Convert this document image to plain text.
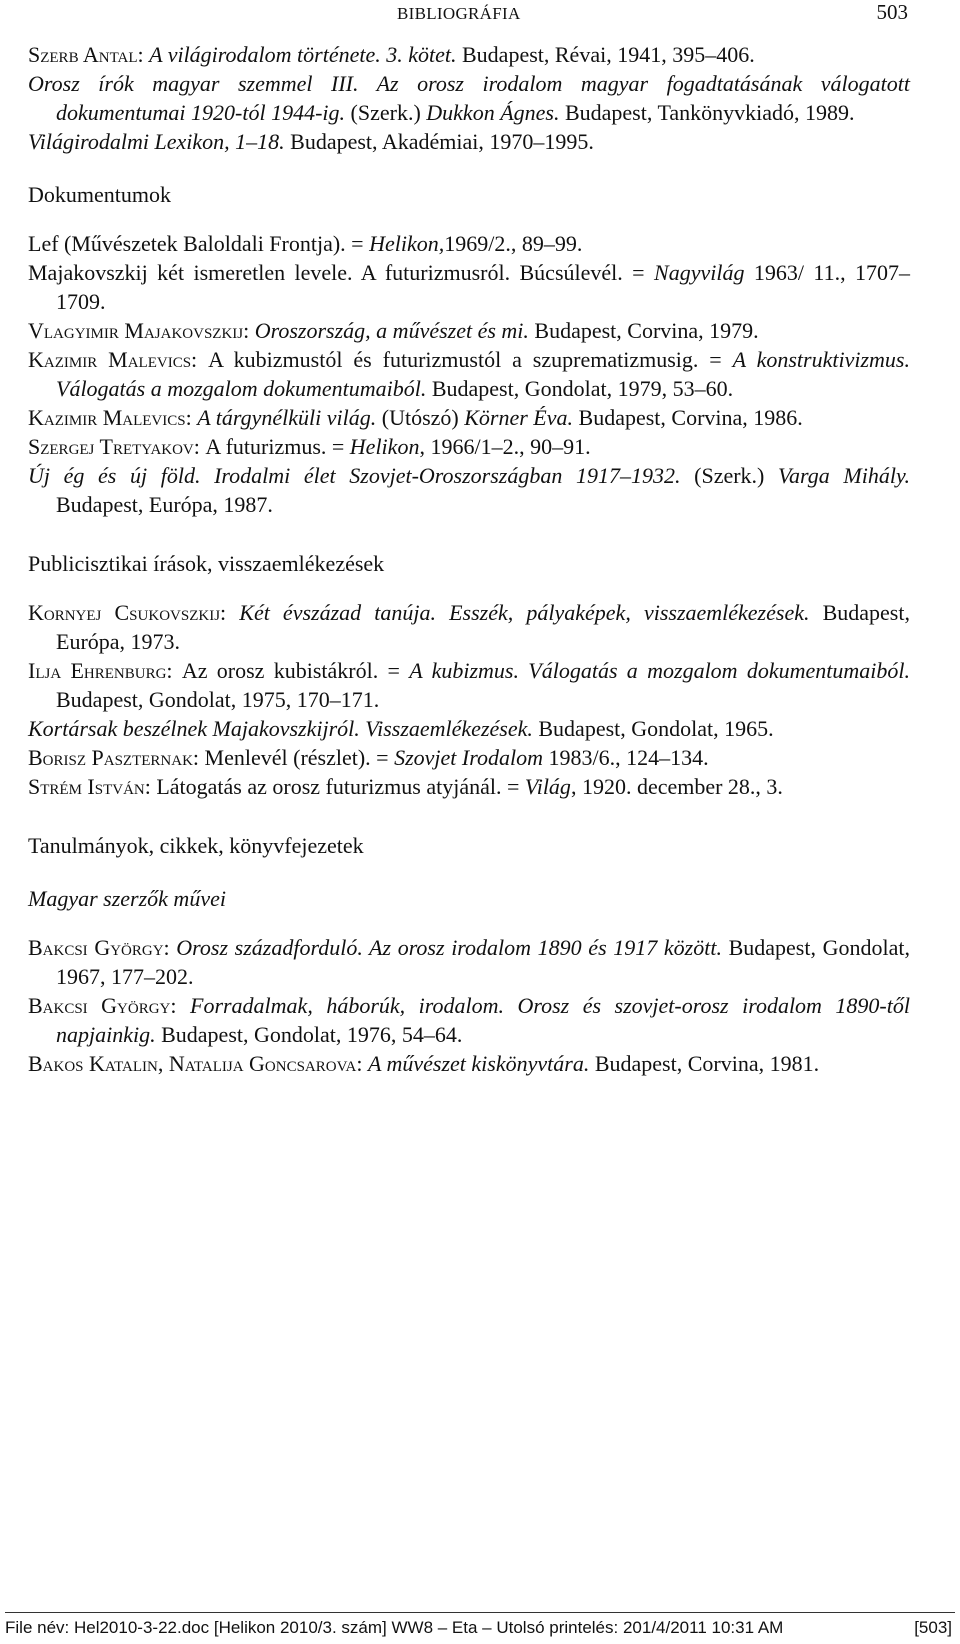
BIBLIOGRÁFIA	503

Szerb Antal: A világirodalom története. 3. kötet. Budapest, Révai, 1941, 395–406.

Orosz írók magyar szemmel III. Az orosz irodalom magyar fogadtatásának válogatott dokumentumai 1920-tól 1944-ig. (Szerk.) Dukkon Ágnes. Budapest, Tankönyvkiadó, 1989.

Világirodalmi Lexikon, 1–18. Budapest, Akadémiai, 1970–1995.

Dokumentumok

Lef (Művészetek Baloldali Frontja). = Helikon,1969/2., 89–99.

Majakovszkij két ismeretlen levele. A futurizmusról. Búcsúlevél. = Nagyvilág 1963/ 11., 1707–1709.

Vlagyimir Majakovszkij: Oroszország, a művészet és mi. Budapest, Corvina, 1979.

Kazimir Malevics: A kubizmustól és futurizmustól a szuprematizmusig. = A konstruktivizmus. Válogatás a mozgalom dokumentumaiból. Budapest, Gondolat, 1979, 53–60.

Kazimir Malevics: A tárgynélküli világ. (Utószó) Körner Éva. Budapest, Corvina, 1986.

Szergej Tretyakov: A futurizmus. = Helikon, 1966/1–2., 90–91.

Új ég és új föld. Irodalmi élet Szovjet-Oroszországban 1917–1932. (Szerk.) Varga Mihály. Budapest, Európa, 1987.

Publicisztikai írások, visszaemlékezések

Kornyej Csukovszkij: Két évszázad tanúja. Esszék, pályaképek, visszaemlékezések. Budapest, Európa, 1973.

Ilja Ehrenburg: Az orosz kubistákról. = A kubizmus. Válogatás a mozgalom dokumentumaiból. Budapest, Gondolat, 1975, 170–171.

Kortársak beszélnek Majakovszkijról. Visszaemlékezések. Budapest, Gondolat, 1965.

Borisz Paszternak: Menlevél (részlet). = Szovjet Irodalom 1983/6., 124–134.

Strém István: Látogatás az orosz futurizmus atyjánál. = Világ, 1920. december 28., 3.

Tanulmányok, cikkek, könyvfejezetek

Magyar szerzők művei

Bakcsi György: Orosz századforduló. Az orosz irodalom 1890 és 1917 között. Budapest, Gondolat, 1967, 177–202.

Bakcsi György: Forradalmak, háborúk, irodalom. Orosz és szovjet-orosz irodalom 1890-től napjainkig. Budapest, Gondolat, 1976, 54–64.

Bakos Katalin, Natalija Goncsarova: A művészet kiskönyvtára. Budapest, Corvina, 1981.

File név: Hel2010-3-22.doc [Helikon 2010/3. szám] WW8 – Eta – Utolsó printelés: 201/4/2011 10:31 AM	[503]
